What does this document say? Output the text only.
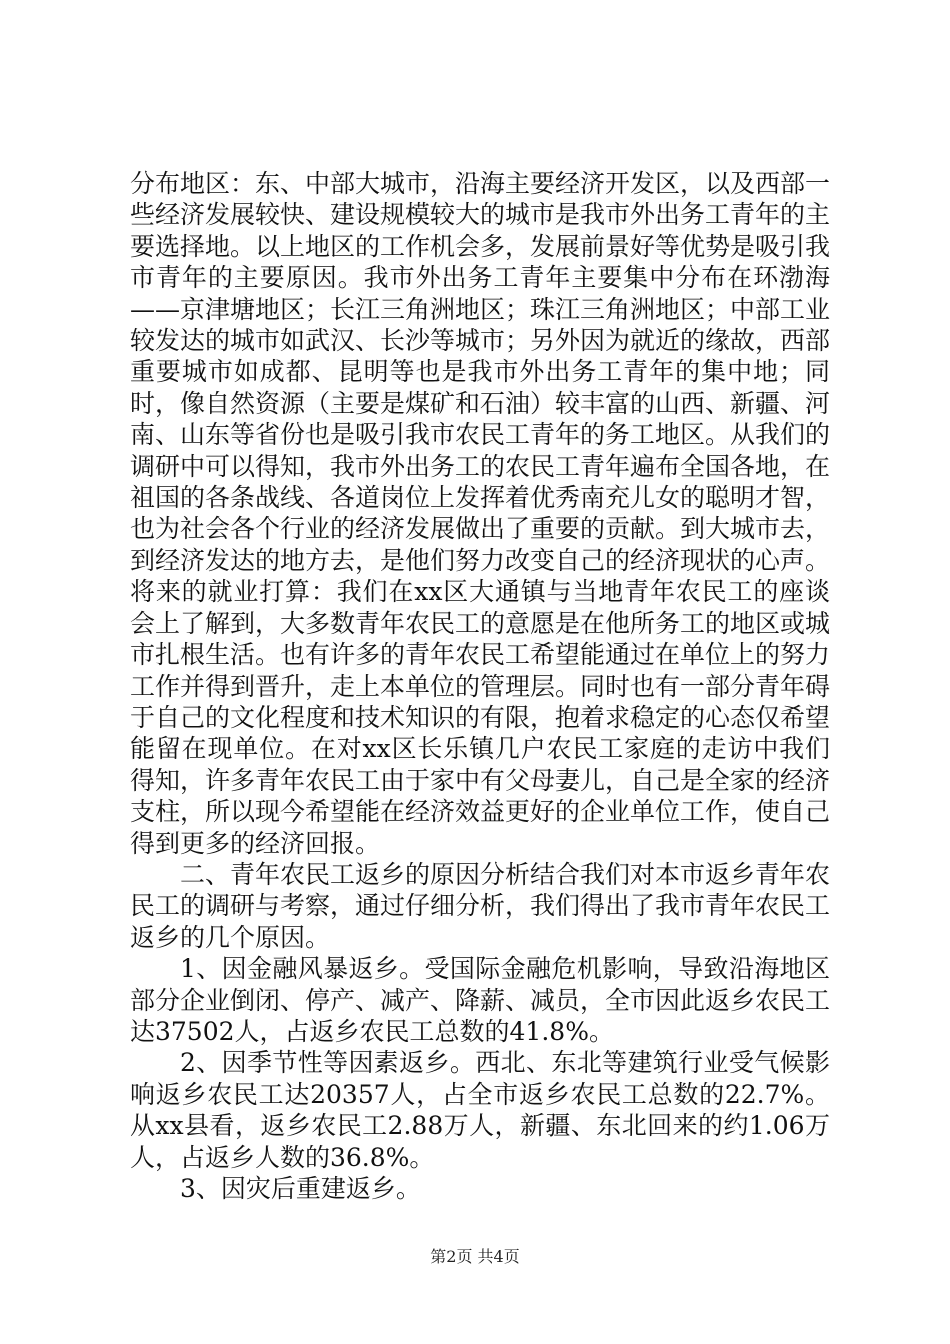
分布地区：东、中部大城市，沿海主要经济开发区，以及西部一些经济发展较快、建设规模较大的城市是我市外出务工青年的主要选择地。以上地区的工作机会多，发展前景好等优势是吸引我市青年的主要原因。我市外出务工青年主要集中分布在环渤海——京津塘地区；长江三角洲地区；珠江三角洲地区；中部工业较发达的城市如武汉、长沙等城市；另外因为就近的缘故，西部重要城市如成都、昆明等也是我市外出务工青年的集中地；同时，像自然资源（主要是煤矿和石油）较丰富的山西、新疆、河南、山东等省份也是吸引我市农民工青年的务工地区。从我们的调研中可以得知，我市外出务工的农民工青年遍布全国各地，在祖国的各条战线、各道岗位上发挥着优秀南充儿女的聪明才智，也为社会各个行业的经济发展做出了重要的贡献。到大城市去，到经济发达的地方去，是他们努力改变自己的经济现状的心声。将来的就业打算：我们在xx区大通镇与当地青年农民工的座谈会上了解到，大多数青年农民工的意愿是在他所务工的地区或城市扎根生活。也有许多的青年农民工希望能通过在单位上的努力工作并得到晋升，走上本单位的管理层。同时也有一部分青年碍于自己的文化程度和技术知识的有限，抱着求稳定的心态仅希望能留在现单位。在对xx区长乐镇几户农民工家庭的走访中我们得知，许多青年农民工由于家中有父母妻儿，自己是全家的经济支柱，所以现今希望能在经济效益更好的企业单位工作，使自己得到更多的经济回报。

二、青年农民工返乡的原因分析结合我们对本市返乡青年农民工的调研与考察，通过仔细分析，我们得出了我市青年农民工返乡的几个原因。

1、因金融风暴返乡。受国际金融危机影响，导致沿海地区部分企业倒闭、停产、减产、降薪、减员，全市因此返乡农民工达37502人，占返乡农民工总数的41.8%。

2、因季节性等因素返乡。西北、东北等建筑行业受气候影响返乡农民工达20357人，占全市返乡农民工总数的22.7%。从xx县看，返乡农民工2.88万人，新疆、东北回来的约1.06万人，占返乡人数的36.8%。

3、因灾后重建返乡。

第2页 共4页
